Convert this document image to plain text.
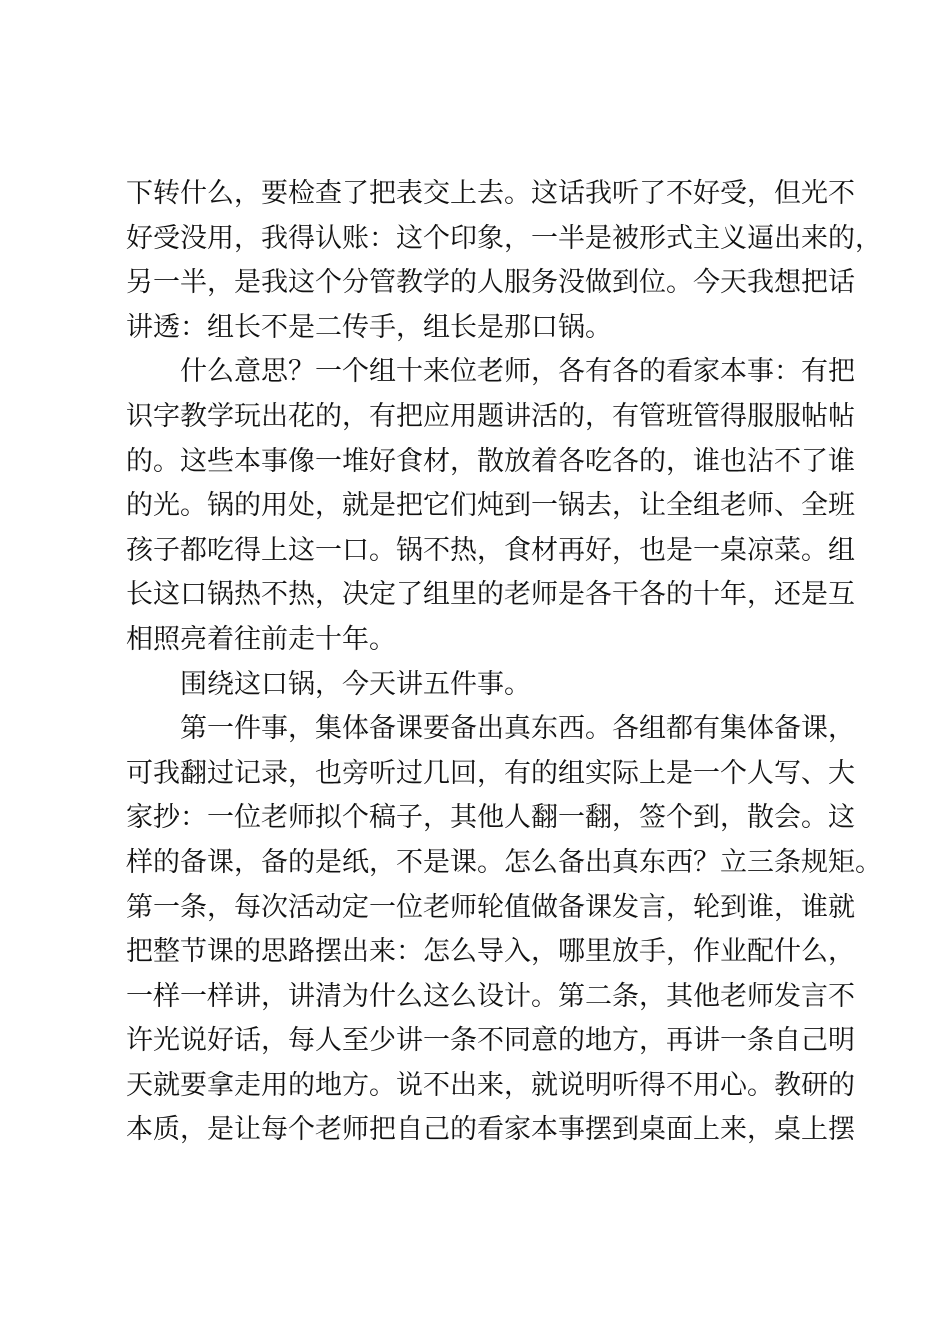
下转什么，要检查了把表交上去。这话我听了不好受，但光不
好受没用，我得认账：这个印象，一半是被形式主义逼出来的，
另一半，是我这个分管教学的人服务没做到位。今天我想把话
讲透：组长不是二传手，组长是那口锅。
什么意思？一个组十来位老师，各有各的看家本事：有把
识字教学玩出花的，有把应用题讲活的，有管班管得服服帖帖
的。这些本事像一堆好食材，散放着各吃各的，谁也沾不了谁
的光。锅的用处，就是把它们炖到一锅去，让全组老师、全班
孩子都吃得上这一口。锅不热，食材再好，也是一桌凉菜。组
长这口锅热不热，决定了组里的老师是各干各的十年，还是互
相照亮着往前走十年。
围绕这口锅，今天讲五件事。
第一件事，集体备课要备出真东西。各组都有集体备课，
可我翻过记录，也旁听过几回，有的组实际上是一个人写、大
家抄：一位老师拟个稿子，其他人翻一翻，签个到，散会。这
样的备课，备的是纸，不是课。怎么备出真东西？立三条规矩。
第一条，每次活动定一位老师轮值做备课发言，轮到谁，谁就
把整节课的思路摆出来：怎么导入，哪里放手，作业配什么，
一样一样讲，讲清为什么这么设计。第二条，其他老师发言不
许光说好话，每人至少讲一条不同意的地方，再讲一条自己明
天就要拿走用的地方。说不出来，就说明听得不用心。教研的
本质，是让每个老师把自己的看家本事摆到桌面上来，桌上摆
